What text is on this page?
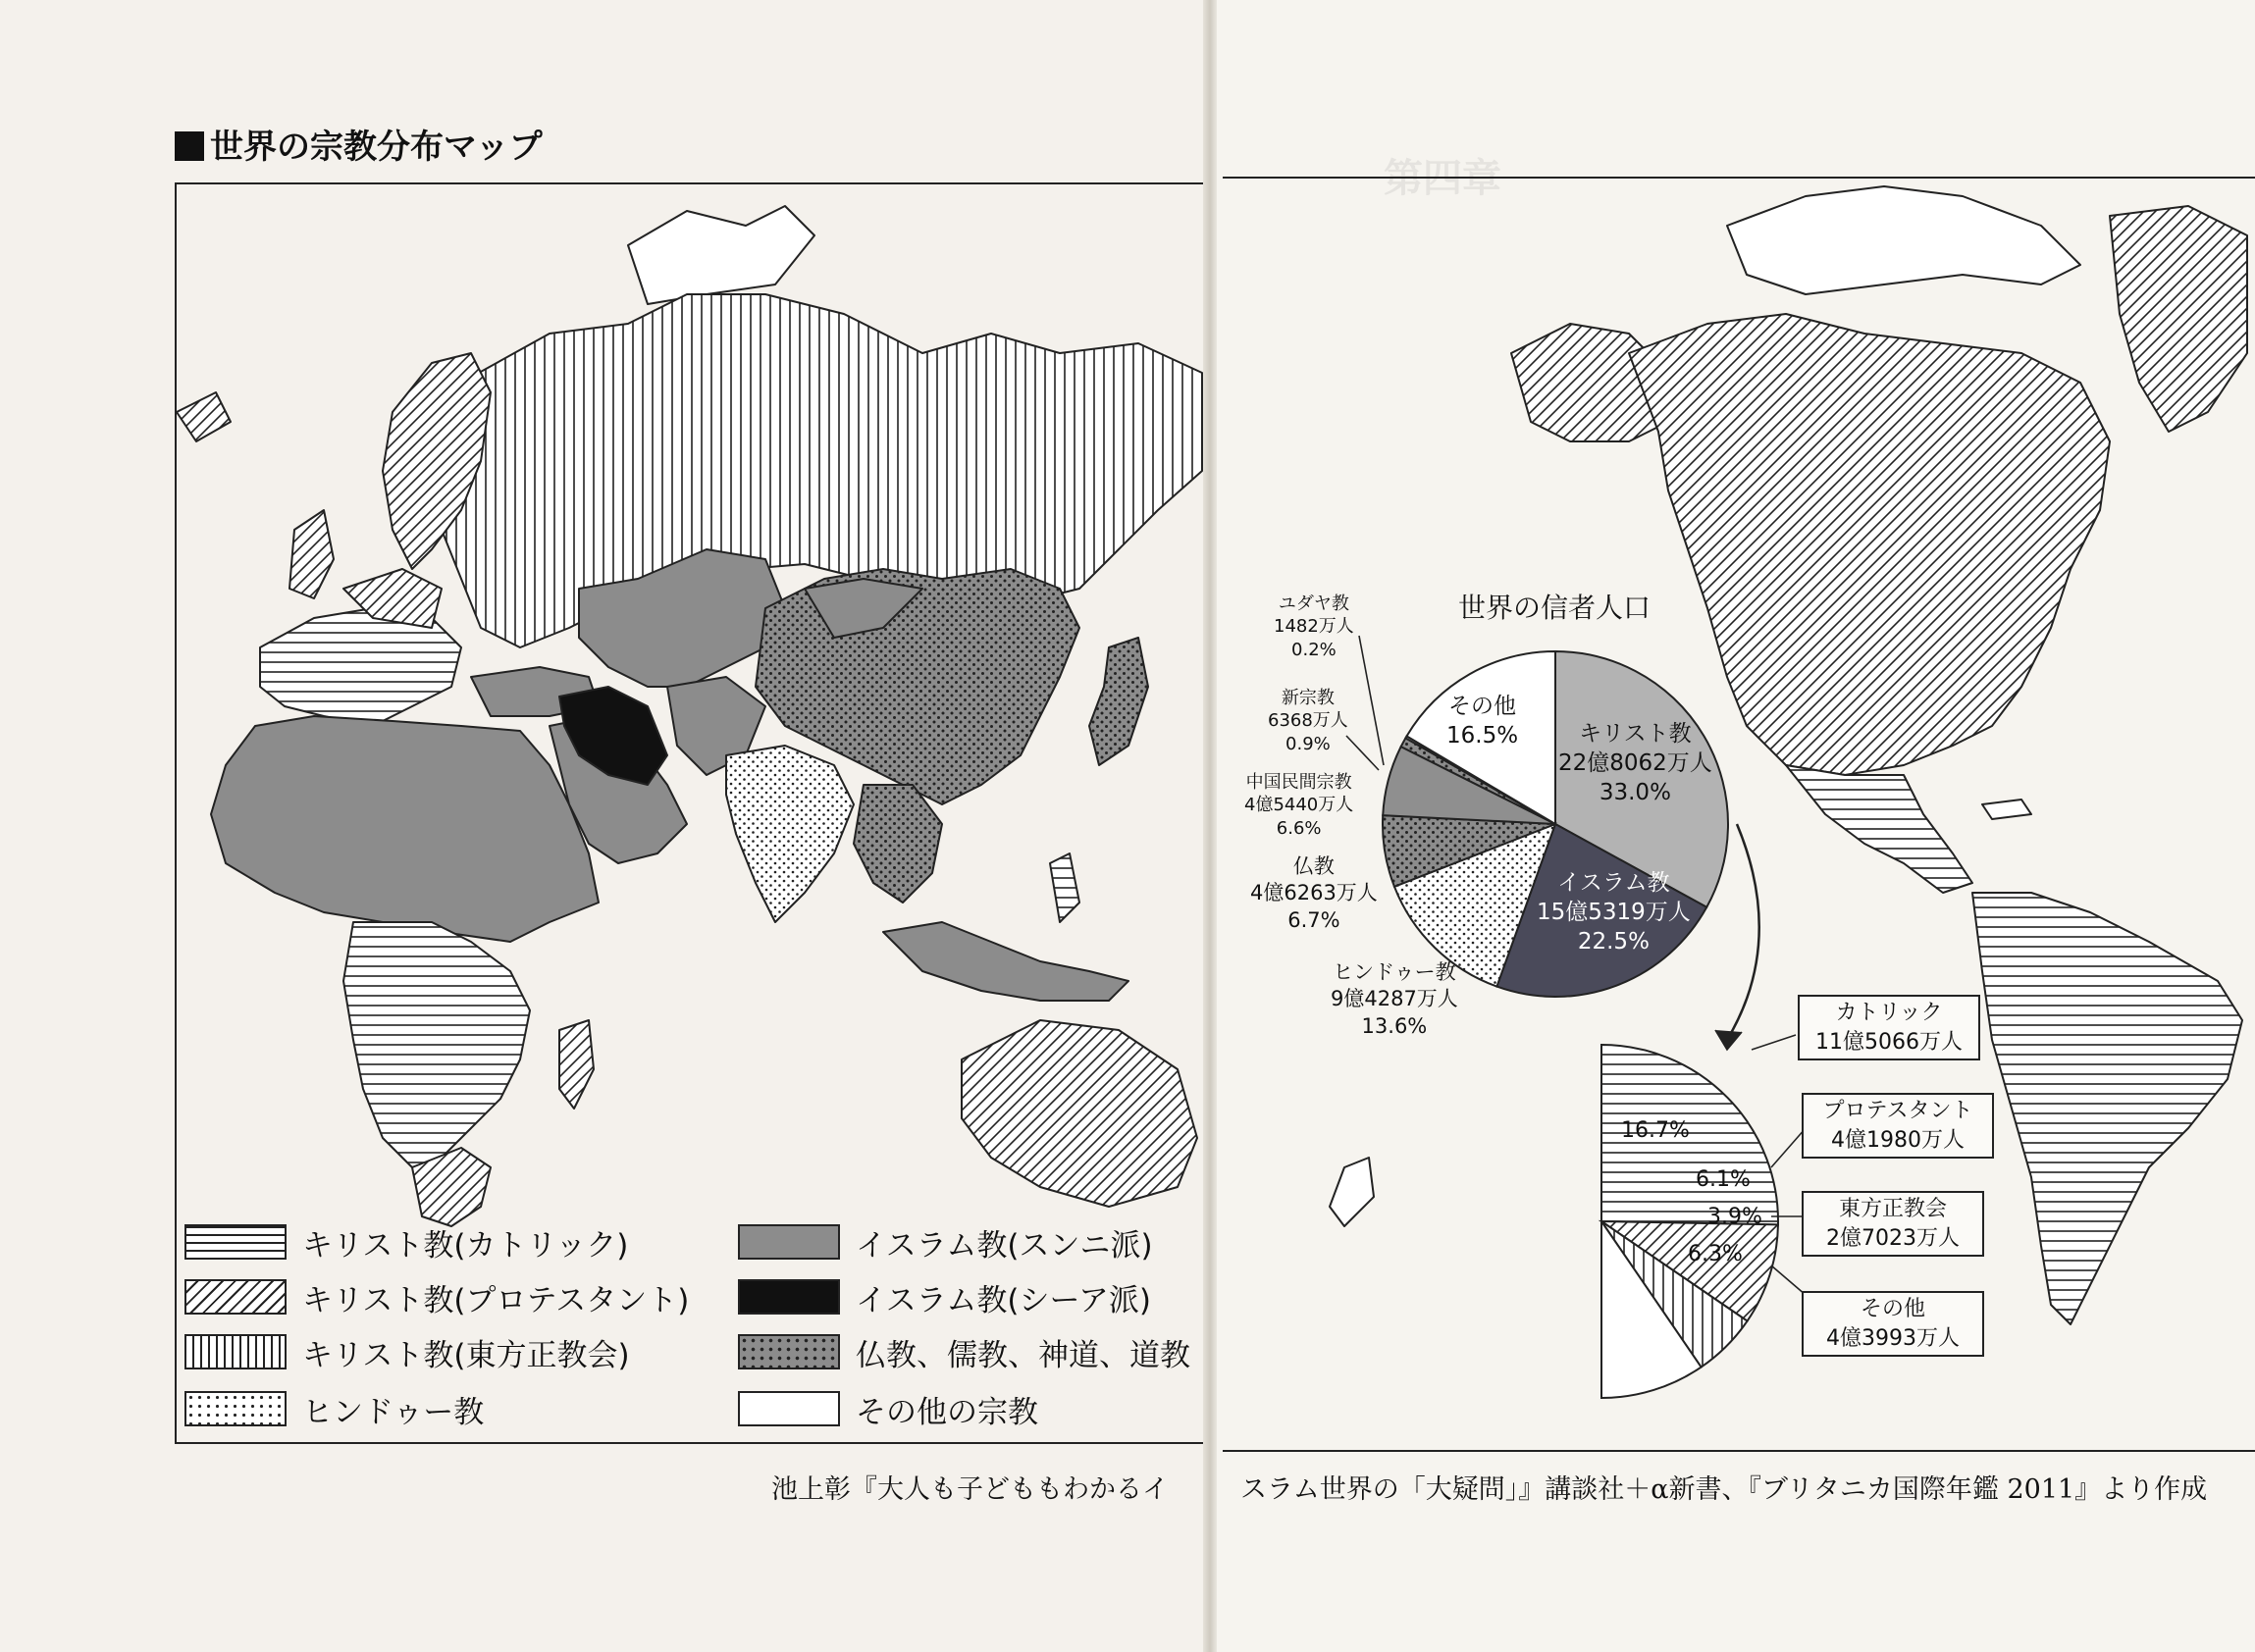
第四章
世界の宗教分布マップ
キリスト教(カトリック)
キリスト教(プロテスタント)
キリスト教(東方正教会)
ヒンドゥー教
イスラム教(スンニ派)
イスラム教(シーア派)
仏教、儒教、神道、道教
その他の宗教
世界の信者人口
キリスト教
22億8062万人
33.0%
イスラム教
15億5319万人
22.5%
ヒンドゥー教
9億4287万人
13.6%
仏教
4億6263万人
6.7%
中国民間宗教
4億5440万人
6.6%
新宗教
6368万人
0.9%
ユダヤ教
1482万人
0.2%
その他
16.5%
16.7%
6.1%
3.9%
6.3%
カトリック
11億5066万人
プロテスタント
4億1980万人
東方正教会
2億7023万人
その他
4億3993万人
池上彰『大人も子どももわかるイ	スラム世界の「大疑問」』講談社＋α新書、『ブリタニカ国際年鑑 2011』より作成
